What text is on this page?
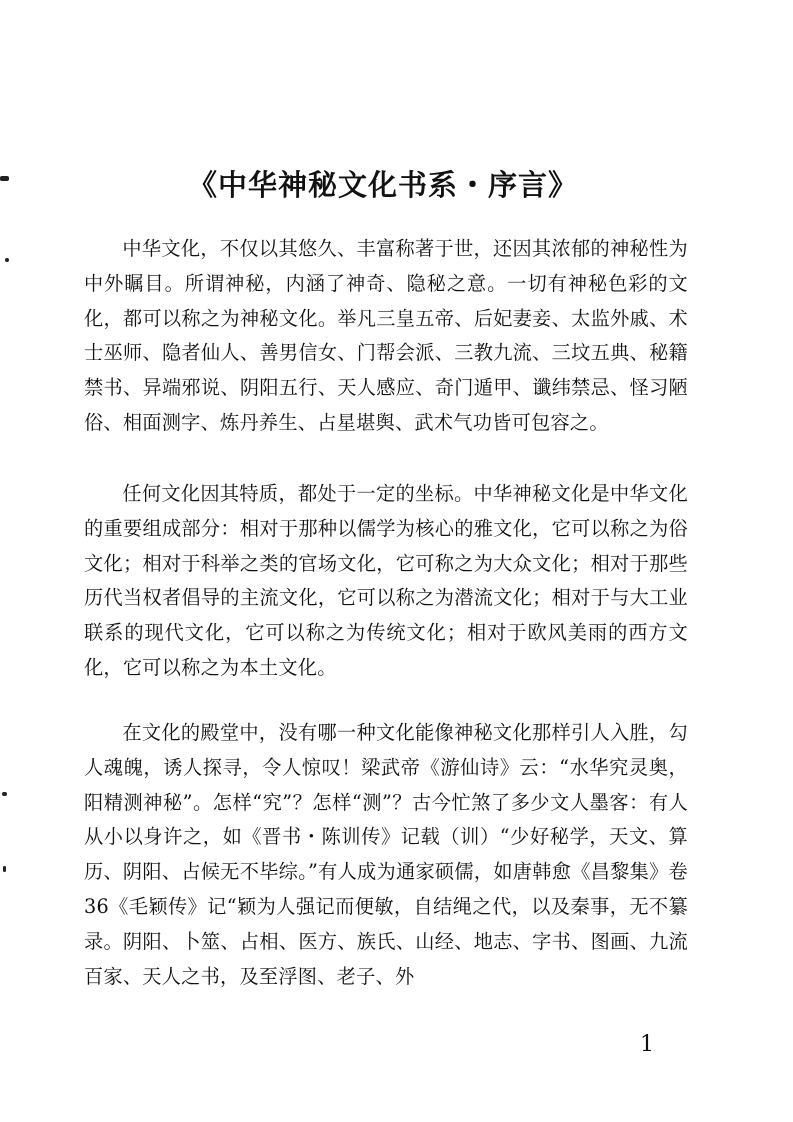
《中华神秘文化书系・序言》

中华文化，不仅以其悠久、丰富称著于世，还因其浓郁的神秘性为中外瞩目。所谓神秘，内涵了神奇、隐秘之意。一切有神秘色彩的文化，都可以称之为神秘文化。举凡三皇五帝、后妃妻妾、太监外戚、术士巫师、隐者仙人、善男信女、门帮会派、三教九流、三坟五典、秘籍禁书、异端邪说、阴阳五行、天人感应、奇门遁甲、谶纬禁忌、怪习陋俗、相面测字、炼丹养生、占星堪舆、武术气功皆可包容之。

任何文化因其特质，都处于一定的坐标。中华神秘文化是中华文化的重要组成部分：相对于那种以儒学为核心的雅文化，它可以称之为俗文化；相对于科举之类的官场文化，它可称之为大众文化；相对于那些历代当权者倡导的主流文化，它可以称之为潜流文化；相对于与大工业联系的现代文化，它可以称之为传统文化；相对于欧风美雨的西方文化，它可以称之为本土文化。

在文化的殿堂中，没有哪一种文化能像神秘文化那样引人入胜，勾人魂魄，诱人探寻，令人惊叹！梁武帝《游仙诗》云：“水华究灵奥，阳精测神秘”。怎样“究”？怎样“测”？古今忙煞了多少文人墨客：有人从小以身许之，如《晋书・陈训传》记载（训）“少好秘学，天文、算历、阴阳、占候无不毕综。”有人成为通家硕儒，如唐韩愈《昌黎集》卷36《毛颖传》记“颖为人强记而便敏，自结绳之代，以及秦事，无不纂录。阴阳、卜筮、占相、医方、族氏、山经、地志、字书、图画、九流百家、天人之书，及至浮图、老子、外

1
